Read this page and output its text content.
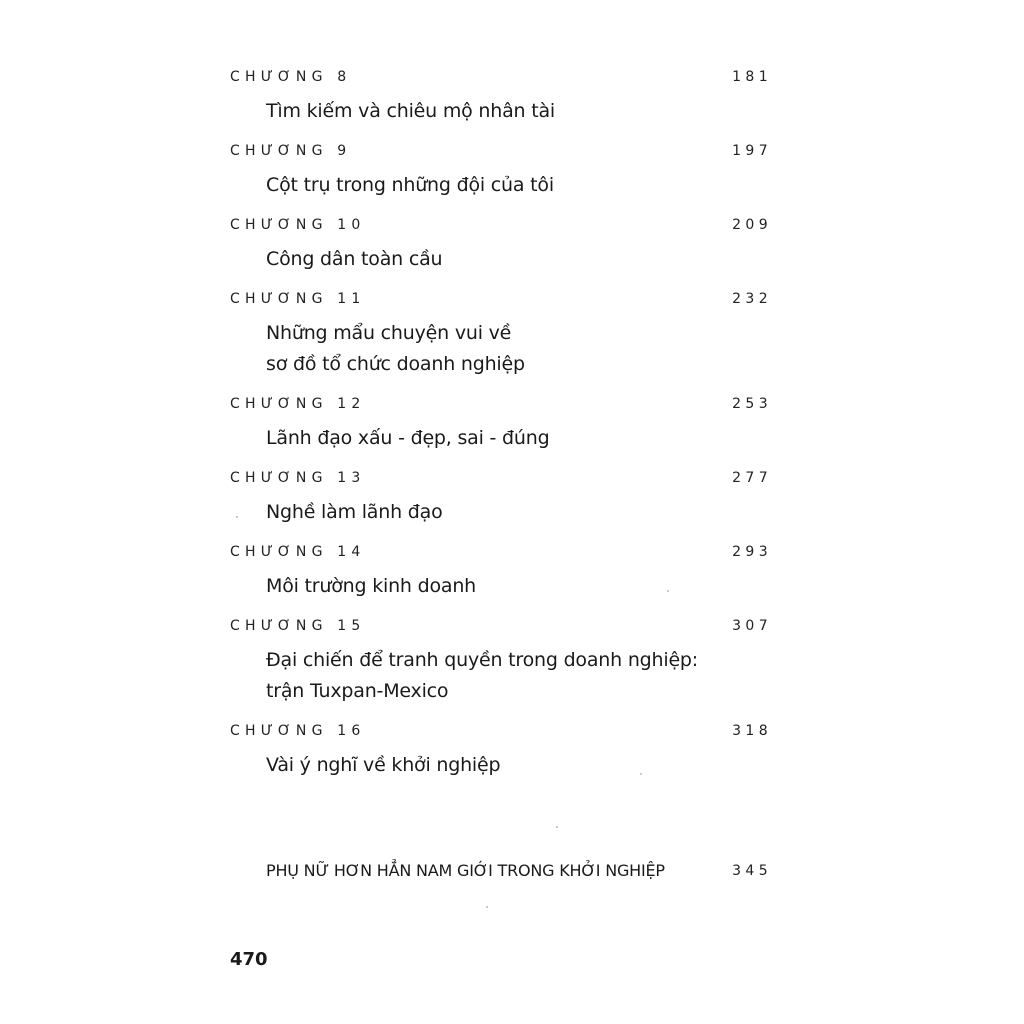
CHƯƠNG 8	181
Tìm kiếm và chiêu mộ nhân tài
CHƯƠNG 9	197
Cột trụ trong những đội của tôi
CHƯƠNG 10	209
Công dân toàn cầu
CHƯƠNG 11	232
Những mẩu chuyện vui về
sơ đồ tổ chức doanh nghiệp
CHƯƠNG 12	253
Lãnh đạo xấu - đẹp, sai - đúng
CHƯƠNG 13	277
Nghề làm lãnh đạo
CHƯƠNG 14	293
Môi trường kinh doanh
CHƯƠNG 15	307
Đại chiến để tranh quyền trong doanh nghiệp:
trận Tuxpan-Mexico
CHƯƠNG 16	318
Vài ý nghĩ về khởi nghiệp
PHỤ NỮ HƠN HẲN NAM GIỚI TRONG KHỞI NGHIỆP	345
470
